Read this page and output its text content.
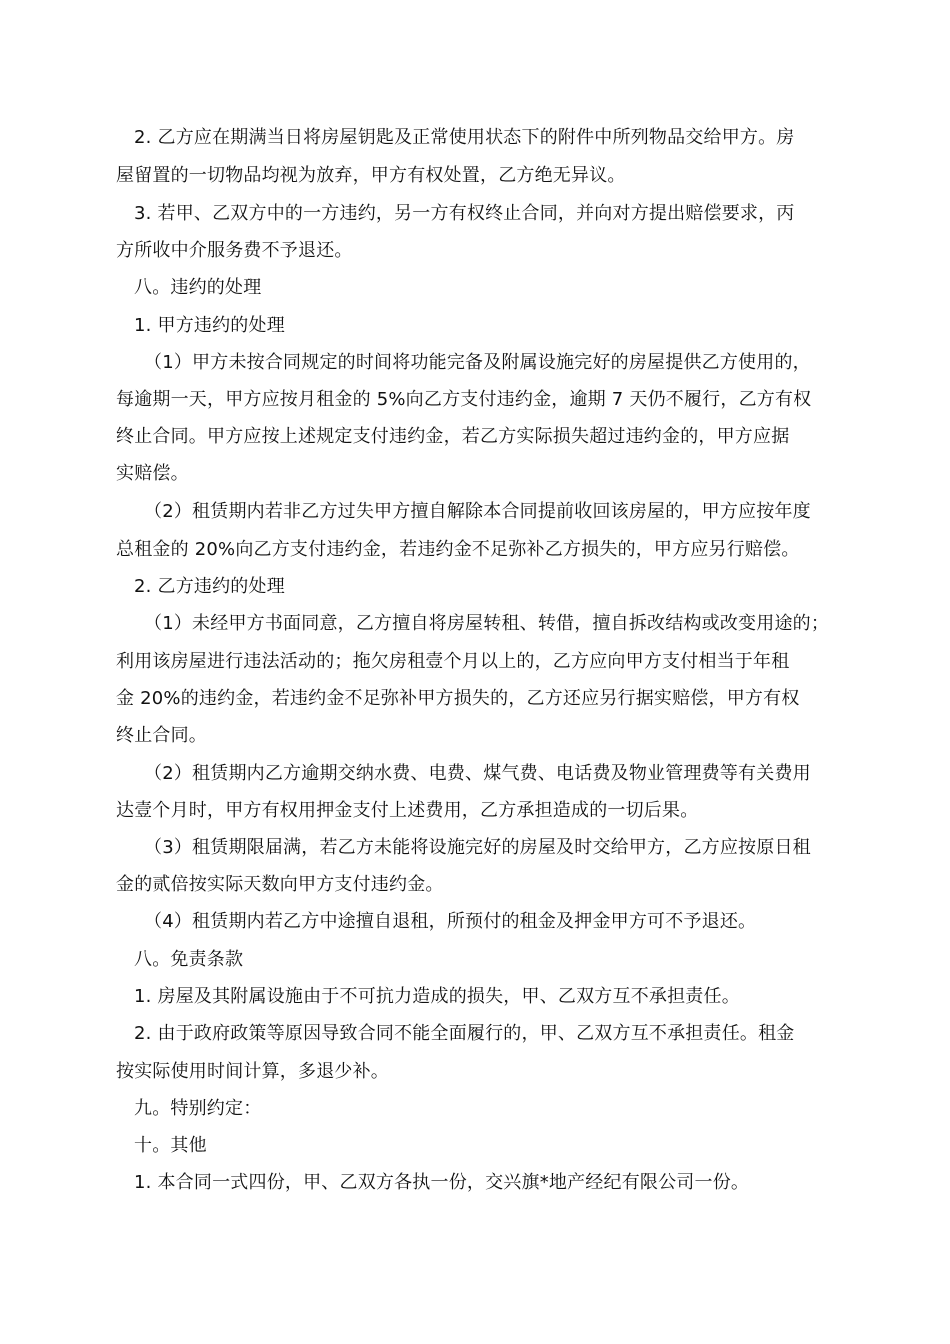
2. 乙方应在期满当日将房屋钥匙及正常使用状态下的附件中所列物品交给甲方。房
屋留置的一切物品均视为放弃，甲方有权处置，乙方绝无异议。
3. 若甲、乙双方中的一方违约，另一方有权终止合同，并向对方提出赔偿要求，丙
方所收中介服务费不予退还。
八。违约的处理
1. 甲方违约的处理
（1）甲方未按合同规定的时间将功能完备及附属设施完好的房屋提供乙方使用的，
每逾期一天，甲方应按月租金的 5%向乙方支付违约金，逾期 7 天仍不履行，乙方有权
终止合同。甲方应按上述规定支付违约金，若乙方实际损失超过违约金的，甲方应据
实赔偿。
（2）租赁期内若非乙方过失甲方擅自解除本合同提前收回该房屋的，甲方应按年度
总租金的 20%向乙方支付违约金，若违约金不足弥补乙方损失的，甲方应另行赔偿。
2. 乙方违约的处理
（1）未经甲方书面同意，乙方擅自将房屋转租、转借，擅自拆改结构或改变用途的；
利用该房屋进行违法活动的；拖欠房租壹个月以上的，乙方应向甲方支付相当于年租
金 20%的违约金，若违约金不足弥补甲方损失的，乙方还应另行据实赔偿，甲方有权
终止合同。
（2）租赁期内乙方逾期交纳水费、电费、煤气费、电话费及物业管理费等有关费用
达壹个月时，甲方有权用押金支付上述费用，乙方承担造成的一切后果。
（3）租赁期限届满，若乙方未能将设施完好的房屋及时交给甲方，乙方应按原日租
金的贰倍按实际天数向甲方支付违约金。
（4）租赁期内若乙方中途擅自退租，所预付的租金及押金甲方可不予退还。
八。免责条款
1. 房屋及其附属设施由于不可抗力造成的损失，甲、乙双方互不承担责任。
2. 由于政府政策等原因导致合同不能全面履行的，甲、乙双方互不承担责任。租金
按实际使用时间计算，多退少补。
九。特别约定：
十。其他
1. 本合同一式四份，甲、乙双方各执一份，交兴旗*地产经纪有限公司一份。
